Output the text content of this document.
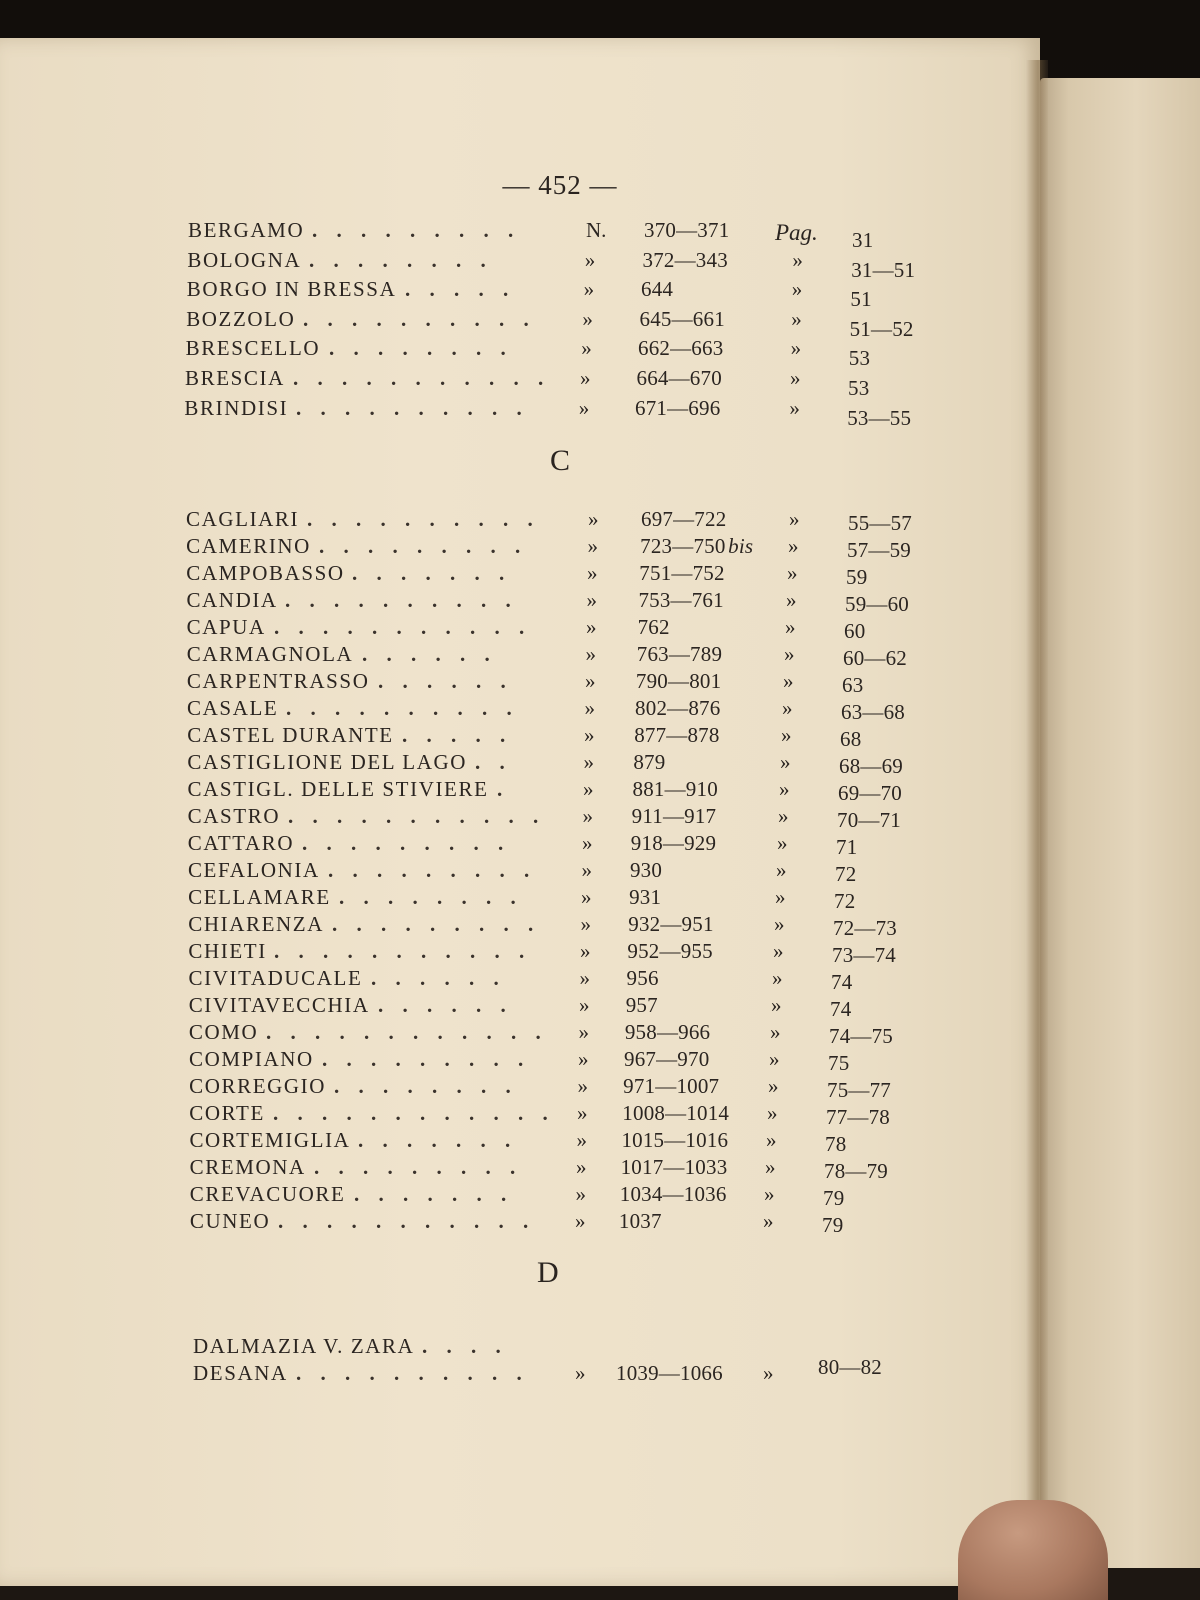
— 452 —
BERGAMO . . . . . . . . .	N. 370—371 Pag. 31
BOLOGNA . . . . . . . .	» 372—343	» 31—51
BORGO IN BRESSA . . . . .	» 644	» 51
BOZZOLO . . . . . . . . . .	» 645—661	» 51—52
BRESCELLO . . . . . . . .	» 662—663	» 53
BRESCIA . . . . . . . . . . .	» 664—670	» 53
BRINDISI . . . . . . . . . .	» 671—696	» 53—55
C
CAGLIARI . . . . . . . . . .	» 697—722	» 55—57
CAMERINO . . . . . . . . .	» 723—750 bis » 57—59
CAMPOBASSO . . . . . . .	» 751—752	» 59
CANDIA . . . . . . . . . .	» 753—761	» 59—60
CAPUA . . . . . . . . . . .	» 762	» 60
CARMAGNOLA . . . . . .	» 763—789	» 60—62
CARPENTRASSO . . . . . .	» 790—801	» 63
CASALE . . . . . . . . . .	» 802—876	» 63—68
CASTEL DURANTE . . . . .	» 877—878	» 68
CASTIGLIONE DEL LAGO . .	» 879	» 68—69
CASTIGL. DELLE STIVIERE .	» 881—910	» 69—70
CASTRO . . . . . . . . . . .	» 911—917	» 70—71
CATTARO . . . . . . . . .	» 918—929	» 71
CEFALONIA . . . . . . . . .	» 930	» 72
CELLAMARE . . . . . . . .	» 931	» 72
CHIARENZA . . . . . . . . .	» 932—951	» 72—73
CHIETI . . . . . . . . . . .	» 952—955	» 73—74
CIVITADUCALE . . . . . .	» 956	» 74
CIVITAVECCHIA . . . . . .	» 957	» 74
COMO . . . . . . . . . . . .	» 958—966	» 74—75
COMPIANO . . . . . . . . .	» 967—970	» 75
CORREGGIO . . . . . . . .	» 971—1007 » 75—77
CORTE . . . . . . . . . . . .	» 1008—1014 » 77—78
CORTEMIGLIA . . . . . . .	» 1015—1016 » 78
CREMONA . . . . . . . . .	» 1017—1033 » 78—79
CREVACUORE . . . . . . .	» 1034—1036 » 79
CUNEO . . . . . . . . . . .	» 1037	» 79
D
DALMAZIA V. ZARA . . . .
DESANA . . . . . . . . . .	» 1039—1066 » 80—82
